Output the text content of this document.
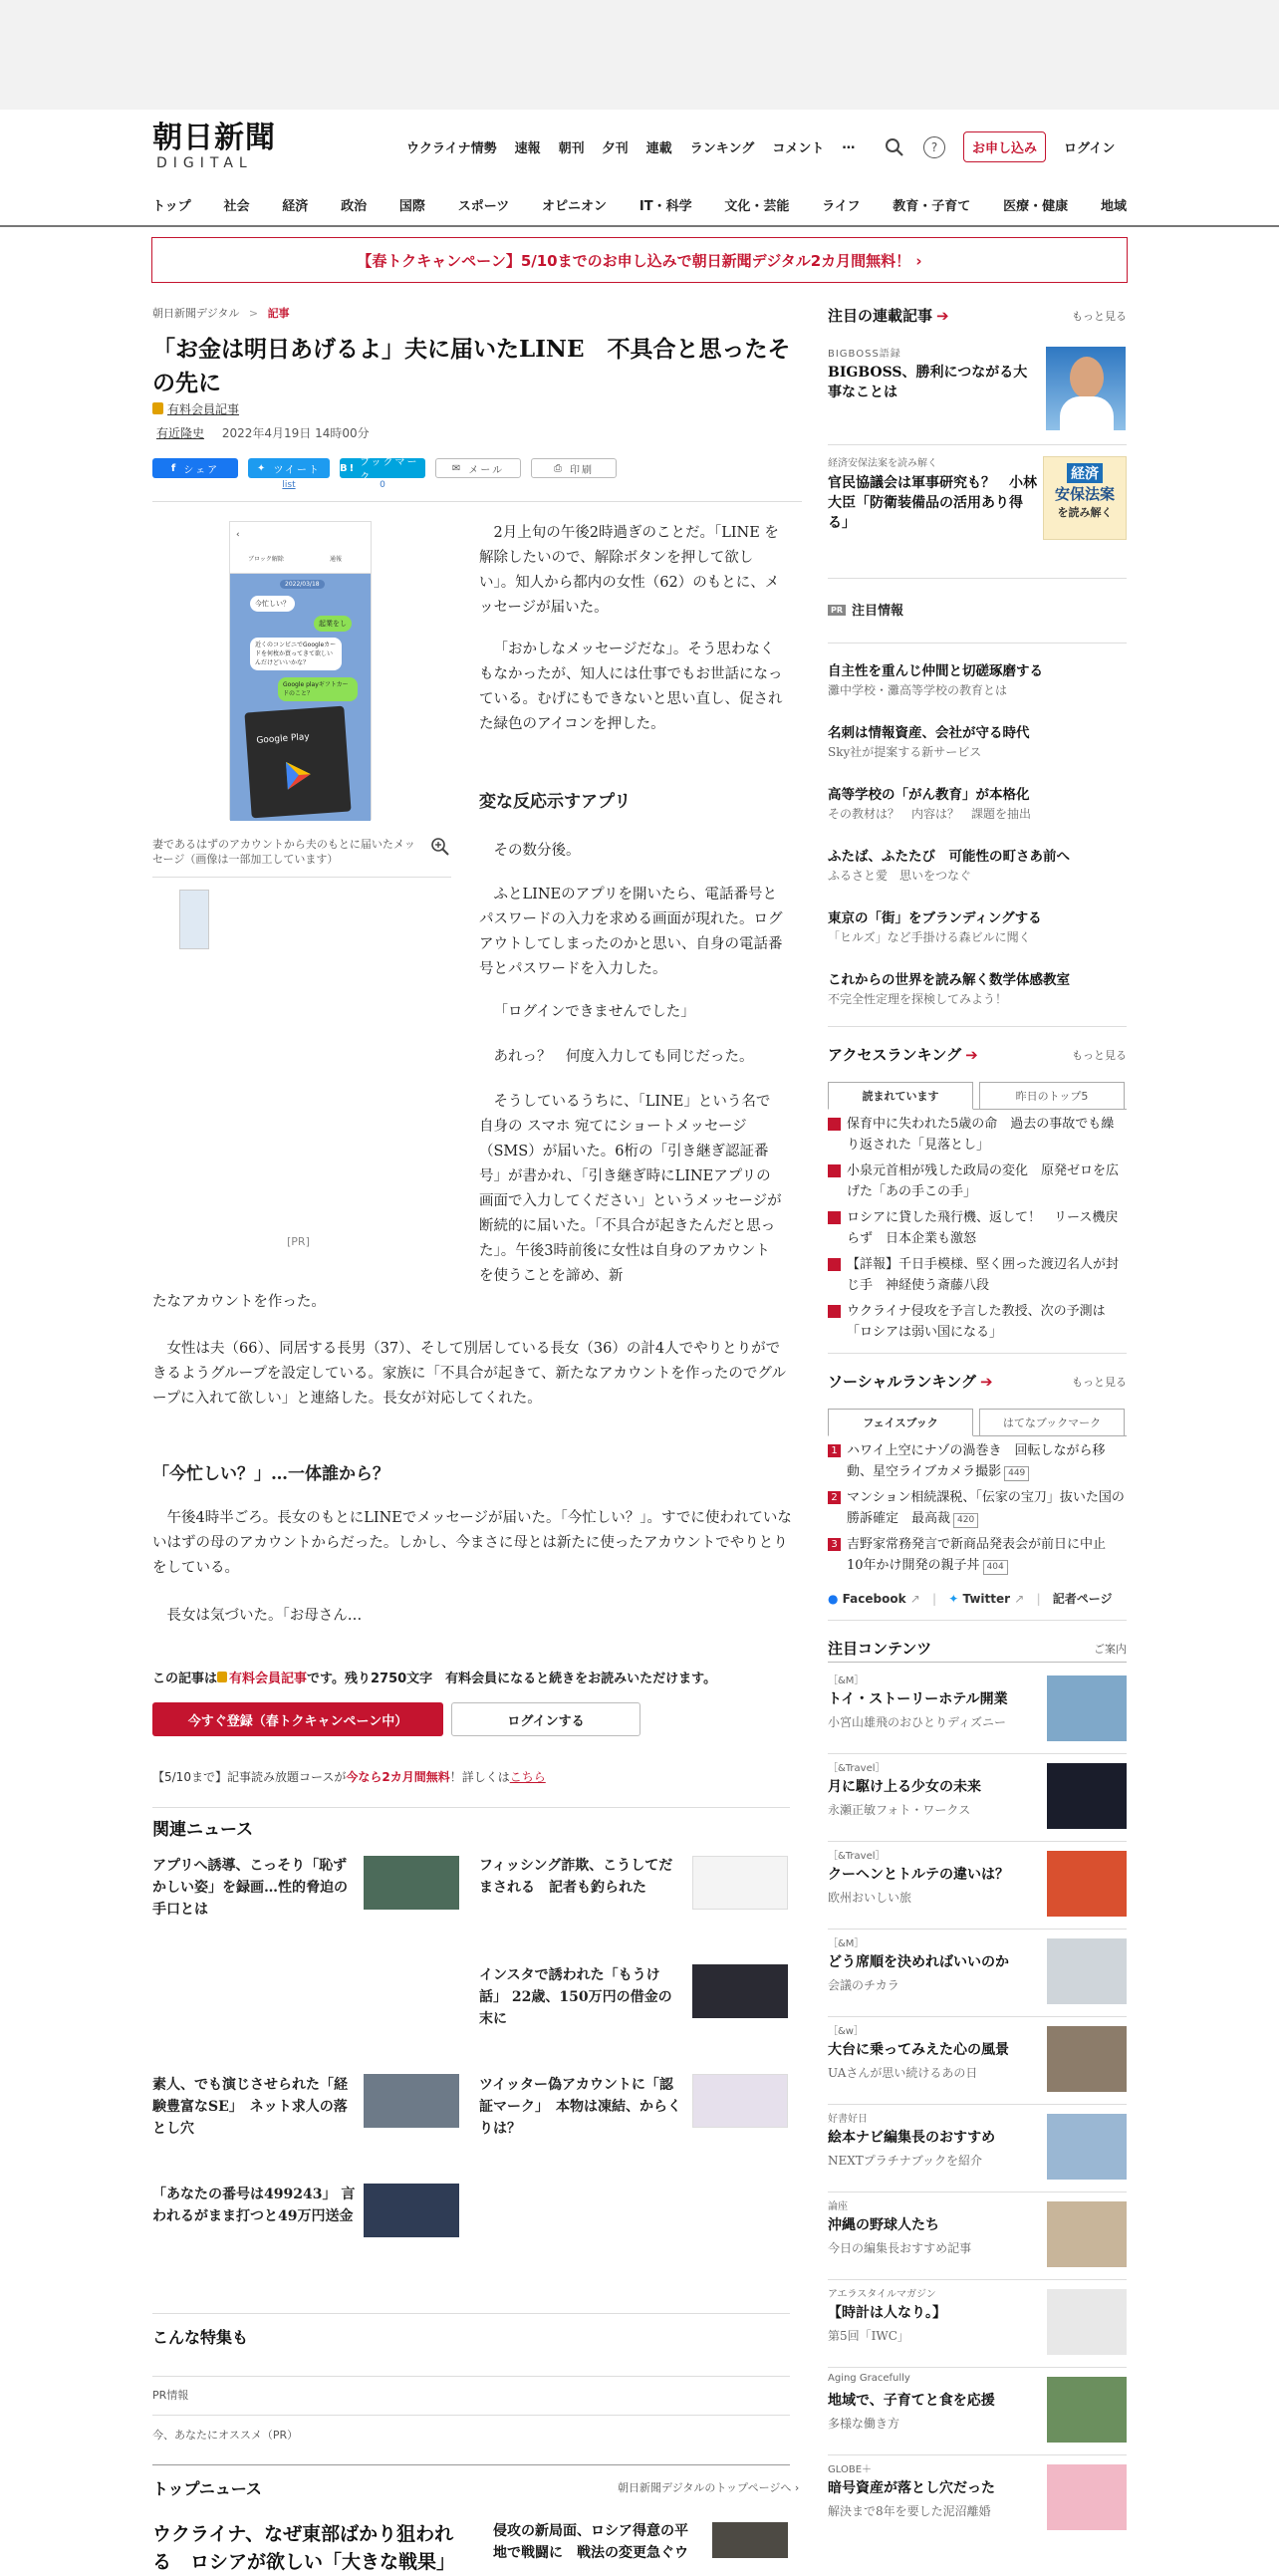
朝日新聞
DIGITAL
ウクライナ情勢 速報 朝刊 夕刊 連載 ランキング コメント …	?	お申し込み	ログイン
トップ	社会	経済	政治	国際	スポーツ	オピニオン	IT・科学	文化・芸能	ライフ	教育・子育て	医療・健康	地域
【春トクキャンペーン】5/10までのお申し込みで朝日新聞デジタル2カ月間無料！ ›
朝日新聞デジタル > 記事
「お金は明日あげるよ」夫に届いたLINE　不具合と思ったその先に
有料会員記事
有近隆史 2022年4月19日 14時00分
f シェア	✦ ツイート
list
B! ブックマーク
0
✉ メール	⎙ 印刷
‹
ブロック解除	通報
2022/03/18
今忙しい？
起業をし
近くのコンビニでGoogleカードを何枚か買ってきて欲しいんだけどいいかな？
Google playギフトカードのこと？
Google Play
妻であるはずのアカウントから夫のもとに届いたメッセージ（画像は一部加工しています）
[PR]

2月上旬の午後2時過ぎのことだ。「LINE を解除したいので、解除ボタンを押して欲しい」。知人から都内の女性（62）のもとに、メッセージが届いた。

「おかしなメッセージだな」。そう思わなくもなかったが、知人には仕事でもお世話になっている。むげにもできないと思い直し、促された緑色のアイコンを押した。

変な反応示すアプリ

その数分後。

ふとLINEのアプリを開いたら、電話番号とパスワードの入力を求める画面が現れた。ログアウトしてしまったのかと思い、自身の電話番号とパスワードを入力した。

「ログインできませんでした」

あれっ？　何度入力しても同じだった。

そうしているうちに、「LINE」という名で自身の スマホ 宛てにショートメッセージ（SMS）が届いた。6桁の「引き継ぎ認証番号」が書かれ、「引き継ぎ時にLINEアプリの画面で入力してください」というメッセージが断続的に届いた。「不具合が起きたんだと思った」。午後3時前後に女性は自身のアカウントを使うことを諦め、新

たなアカウントを作った。

女性は夫（66）、同居する長男（37）、そして別居している長女（36）の計4人でやりとりができるようグループを設定している。家族に「不具合が起きて、新たなアカウントを作ったのでグループに入れて欲しい」と連絡した。長女が対応してくれた。

「今忙しい？」…一体誰から？

午後4時半ごろ。長女のもとにLINEでメッセージが届いた。「今忙しい？」。すでに使われていないはずの母のアカウントからだった。しかし、今まさに母とは新たに使ったアカウントでやりとりをしている。

長女は気づいた。「お母さん…

この記事は 有料会員記事です。残り2750文字　有料会員になると続きをお読みいただけます。
今すぐ登録（春トクキャンペーン中）	ログインする
【5/10まで】記事読み放題コースが今なら2カ月間無料！詳しくはこちら
関連ニュース
アプリへ誘導、こっそり「恥ずかしい姿」を録画…性的脅迫の手口とは
フィッシング詐欺、こうしてだまされる　記者も釣られた
インスタで誘われた「もうけ話」 22歳、150万円の借金の末に
素人、でも演じさせられた「経験豊富なSE」　ネット求人の落とし穴
ツイッター偽アカウントに「認証マーク」　本物は凍結、からくりは？
「あなたの番号は499243」 言われるがまま打つと49万円送金
こんな特集も
PR情報
今、あなたにオススメ（PR）
トップニュース	朝日新聞デジタルのトップページへ ›
ウクライナ、なぜ東部ばかり狙われる　ロシアが欲しい「大きな戦果」
侵攻の新局面、ロシア得意の平地で戦闘に　戦法の変更急ぐウ
注目の連載記事 ➔	もっと見る
BIGBOSS語録
BIGBOSS、勝利につながる大事なことは
経済安保法案を読み解く
官民協議会は軍事研究も？　小林大臣「防衛装備品の活用あり得る」
経済
安保法案
を読み解く
PR 注目情報
自主性を重んじ仲間と切磋琢磨する
灘中学校・灘高等学校の教育とは
名刺は情報資産、会社が守る時代
Sky社が提案する新サービス
高等学校の「がん教育」が本格化
その教材は？　内容は？　課題を抽出
ふたば、ふたたび　可能性の町さあ前へ
ふるさと愛　思いをつなぐ
東京の「街」をブランディングする
「ヒルズ」など手掛ける森ビルに聞く
これからの世界を読み解く数学体感教室
不完全性定理を探検してみよう！
アクセスランキング ➔	もっと見る
読まれています	昨日のトップ5
保育中に失われた5歳の命　過去の事故でも繰り返された「見落とし」
小泉元首相が残した政局の変化　原発ゼロを広げた「あの手この手」
ロシアに貸した飛行機、返して！　リース機戻らず　日本企業も激怒
【詳報】千日手模様、堅く囲った渡辺名人が封じ手　神経使う斎藤八段
ウクライナ侵攻を予言した教授、次の予測は「ロシアは弱い国になる」
ソーシャルランキング ➔	もっと見る
フェイスブック	はてなブックマーク
1 ハワイ上空にナゾの渦巻き　回転しながら移動、星空ライブカメラ撮影 449
2 マンション相続課税、「伝家の宝刀」抜いた国の勝訴確定　最高裁 420
3 吉野家常務発言で新商品発表会が前日に中止　10年かけ開発の親子丼 404
● Facebook ↗ | ✦ Twitter ↗ | 記者ページ
注目コンテンツ	ご案内
［&M］
トイ・ストーリーホテル開業
小宮山雄飛のおひとりディズニー
［&Travel］
月に駆け上る少女の未来
永瀬正敏フォト・ワークス
［&Travel］
クーヘンとトルテの違いは？
欧州おいしい旅
［&M］
どう席順を決めればいいのか
会議のチカラ
［&w］
大台に乗ってみえた心の風景
UAさんが思い続けるあの日
好書好日
絵本ナビ編集長のおすすめ
NEXTプラチナブックを紹介
論座
沖縄の野球人たち
今日の編集長おすすめ記事
アエラスタイルマガジン
【時計は人なり。】
第5回「IWC」
Aging Gracefully
地域で、子育てと食を応援
多様な働き方
GLOBE＋
暗号資産が落とし穴だった
解決まで8年を要した泥沼離婚
